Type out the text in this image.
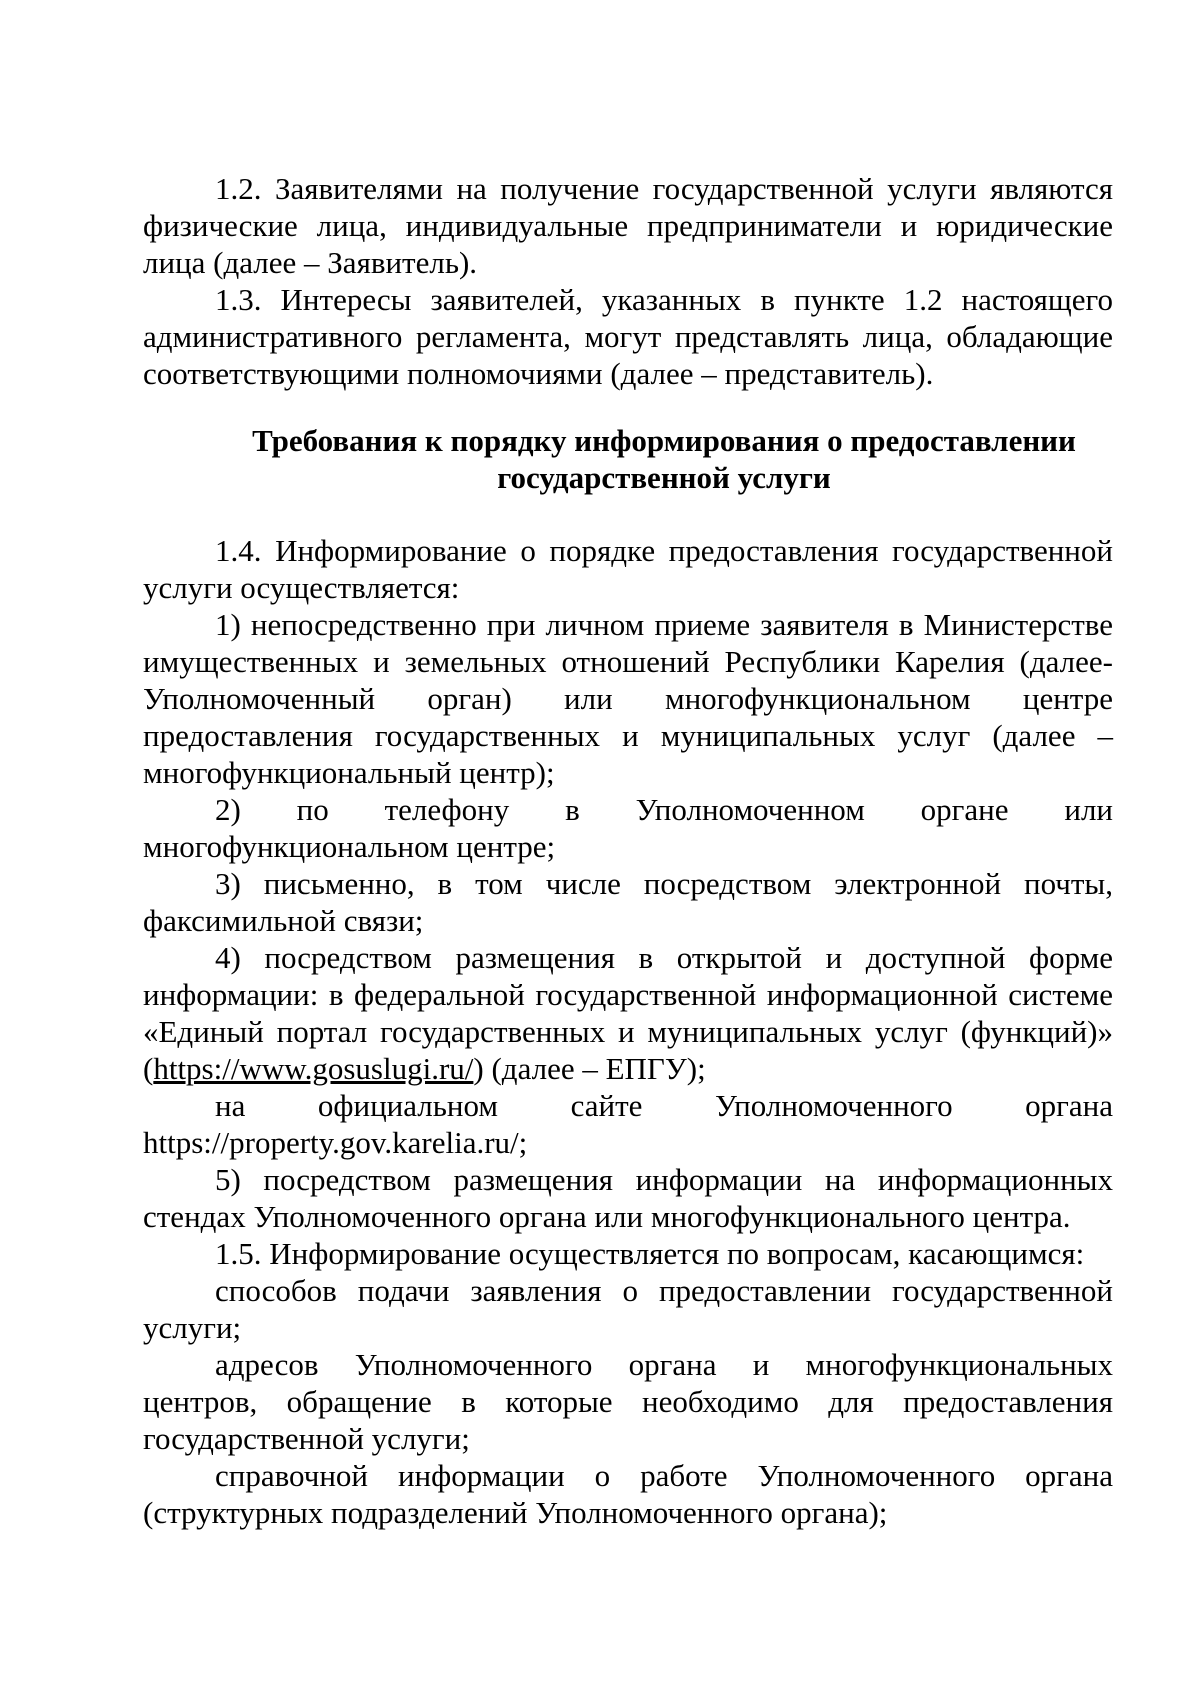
1.2. Заявителями на получение государственной услуги являются физические лица, индивидуальные предприниматели и юридические лица (далее – Заявитель).

1.3. Интересы заявителей, указанных в пункте 1.2 настоящего административного регламента, могут представлять лица, обладающие соответствующими полномочиями (далее – представитель).

Требования к порядку информирования о предоставлении
государственной услуги

1.4. Информирование о порядке предоставления государственной услуги осуществляется:

1) непосредственно при личном приеме заявителя в Министерстве имущественных и земельных отношений Республики Карелия (далее- Уполномоченный орган) или многофункциональном центре предоставления государственных и муниципальных услуг (далее – многофункциональный центр);

2) по телефону в Уполномоченном органе или многофункциональном центре;

3) письменно, в том числе посредством электронной почты, факсимильной связи;

4) посредством размещения в открытой и доступной форме информации: в федеральной государственной информационной системе «Единый портал государственных и муниципальных услуг (функций)» (https://www.gosuslugi.ru/) (далее – ЕПГУ);

на официальном сайте Уполномоченного органа https://property.gov.karelia.ru/;

5) посредством размещения информации на информационных стендах Уполномоченного органа или многофункционального центра.

1.5. Информирование осуществляется по вопросам, касающимся:

способов подачи заявления о предоставлении государственной услуги;

адресов Уполномоченного органа и многофункциональных центров, обращение в которые необходимо для предоставления государственной услуги;

справочной информации о работе Уполномоченного органа (структурных подразделений Уполномоченного органа);
